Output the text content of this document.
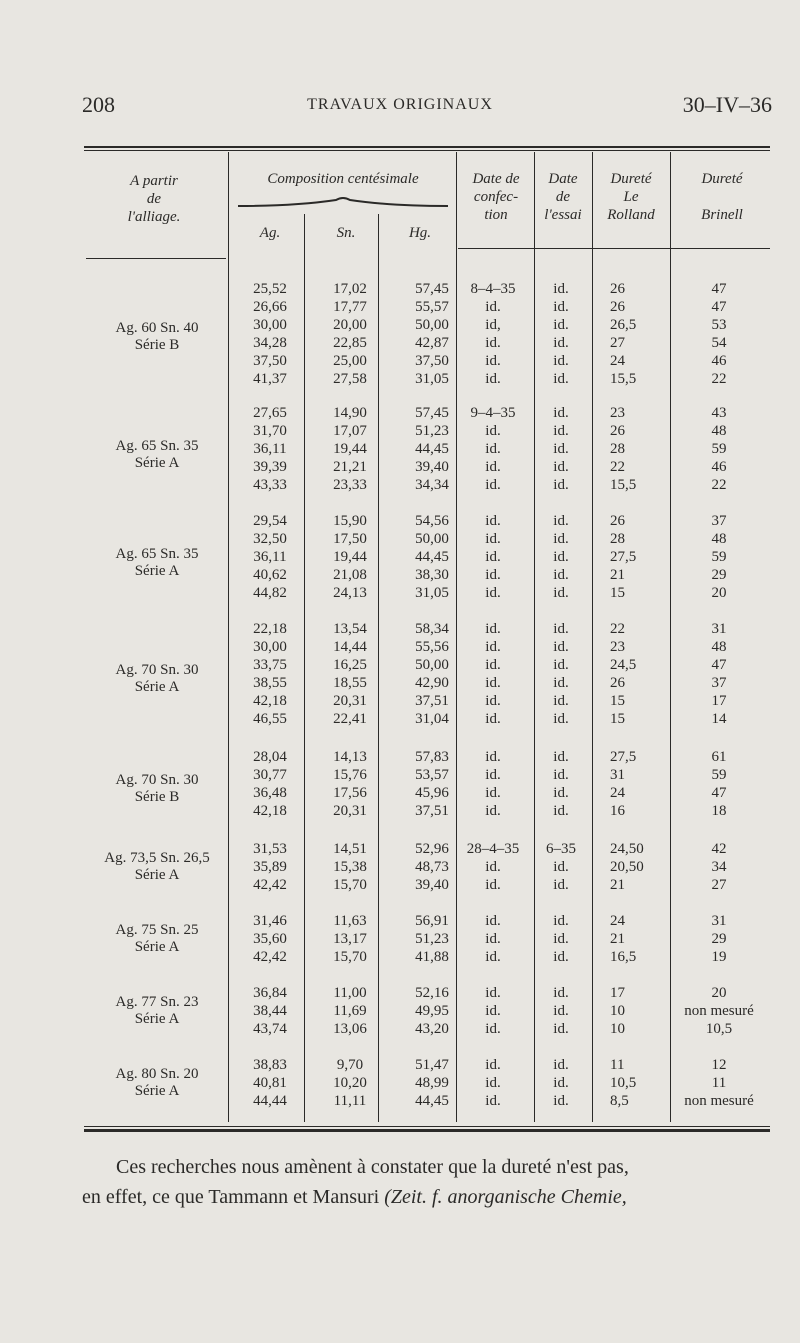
208	TRAVAUX ORIGINAUX	30–IV–36
A partir
de
l'alliage.
Composition centésimale
Ag.	Sn.	Hg.
Date de
confec-
tion
Date
de
l'essai
Dureté
Le
Rolland
Dureté
Brinell
Ag. 60 Sn. 40
Série B
25,52	17,02	57,45	8–4–35	id.	26	47
26,66	17,77	55,57	id.	id.	26	47
30,00	20,00	50,00	id,	id.	26,5	53
34,28	22,85	42,87	id.	id.	27	54
37,50	25,00	37,50	id.	id.	24	46
41,37	27,58	31,05	id.	id.	15,5	22
Ag. 65 Sn. 35
Série A
27,65	14,90	57,45	9–4–35	id.	23	43
31,70	17,07	51,23	id.	id.	26	48
36,11	19,44	44,45	id.	id.	28	59
39,39	21,21	39,40	id.	id.	22	46
43,33	23,33	34,34	id.	id.	15,5	22
Ag. 65 Sn. 35
Série A
29,54	15,90	54,56	id.	id.	26	37
32,50	17,50	50,00	id.	id.	28	48
36,11	19,44	44,45	id.	id.	27,5	59
40,62	21,08	38,30	id.	id.	21	29
44,82	24,13	31,05	id.	id.	15	20
Ag. 70 Sn. 30
Série A
22,18	13,54	58,34	id.	id.	22	31
30,00	14,44	55,56	id.	id.	23	48
33,75	16,25	50,00	id.	id.	24,5	47
38,55	18,55	42,90	id.	id.	26	37
42,18	20,31	37,51	id.	id.	15	17
46,55	22,41	31,04	id.	id.	15	14
Ag. 70 Sn. 30
Série B
28,04	14,13	57,83	id.	id.	27,5	61
30,77	15,76	53,57	id.	id.	31	59
36,48	17,56	45,96	id.	id.	24	47
42,18	20,31	37,51	id.	id.	16	18
Ag. 73,5 Sn. 26,5
Série A
31,53	14,51	52,96	28–4–35	6–35	24,50	42
35,89	15,38	48,73	id.	id.	20,50	34
42,42	15,70	39,40	id.	id.	21	27
Ag. 75 Sn. 25
Série A
31,46	11,63	56,91	id.	id.	24	31
35,60	13,17	51,23	id.	id.	21	29
42,42	15,70	41,88	id.	id.	16,5	19
Ag. 77 Sn. 23
Série A
36,84	11,00	52,16	id.	id.	17	20
38,44	11,69	49,95	id.	id.	10	non mesuré
43,74	13,06	43,20	id.	id.	10	10,5
Ag. 80 Sn. 20
Série A
38,83	9,70	51,47	id.	id.	11	12
40,81	10,20	48,99	id.	id.	10,5	11
44,44	11,11	44,45	id.	id.	8,5	non mesuré
Ces recherches nous amènent à constater que la dureté n'est pas,
en effet, ce que Tammann et Mansuri (Zeit. f. anorganische Chemie,
